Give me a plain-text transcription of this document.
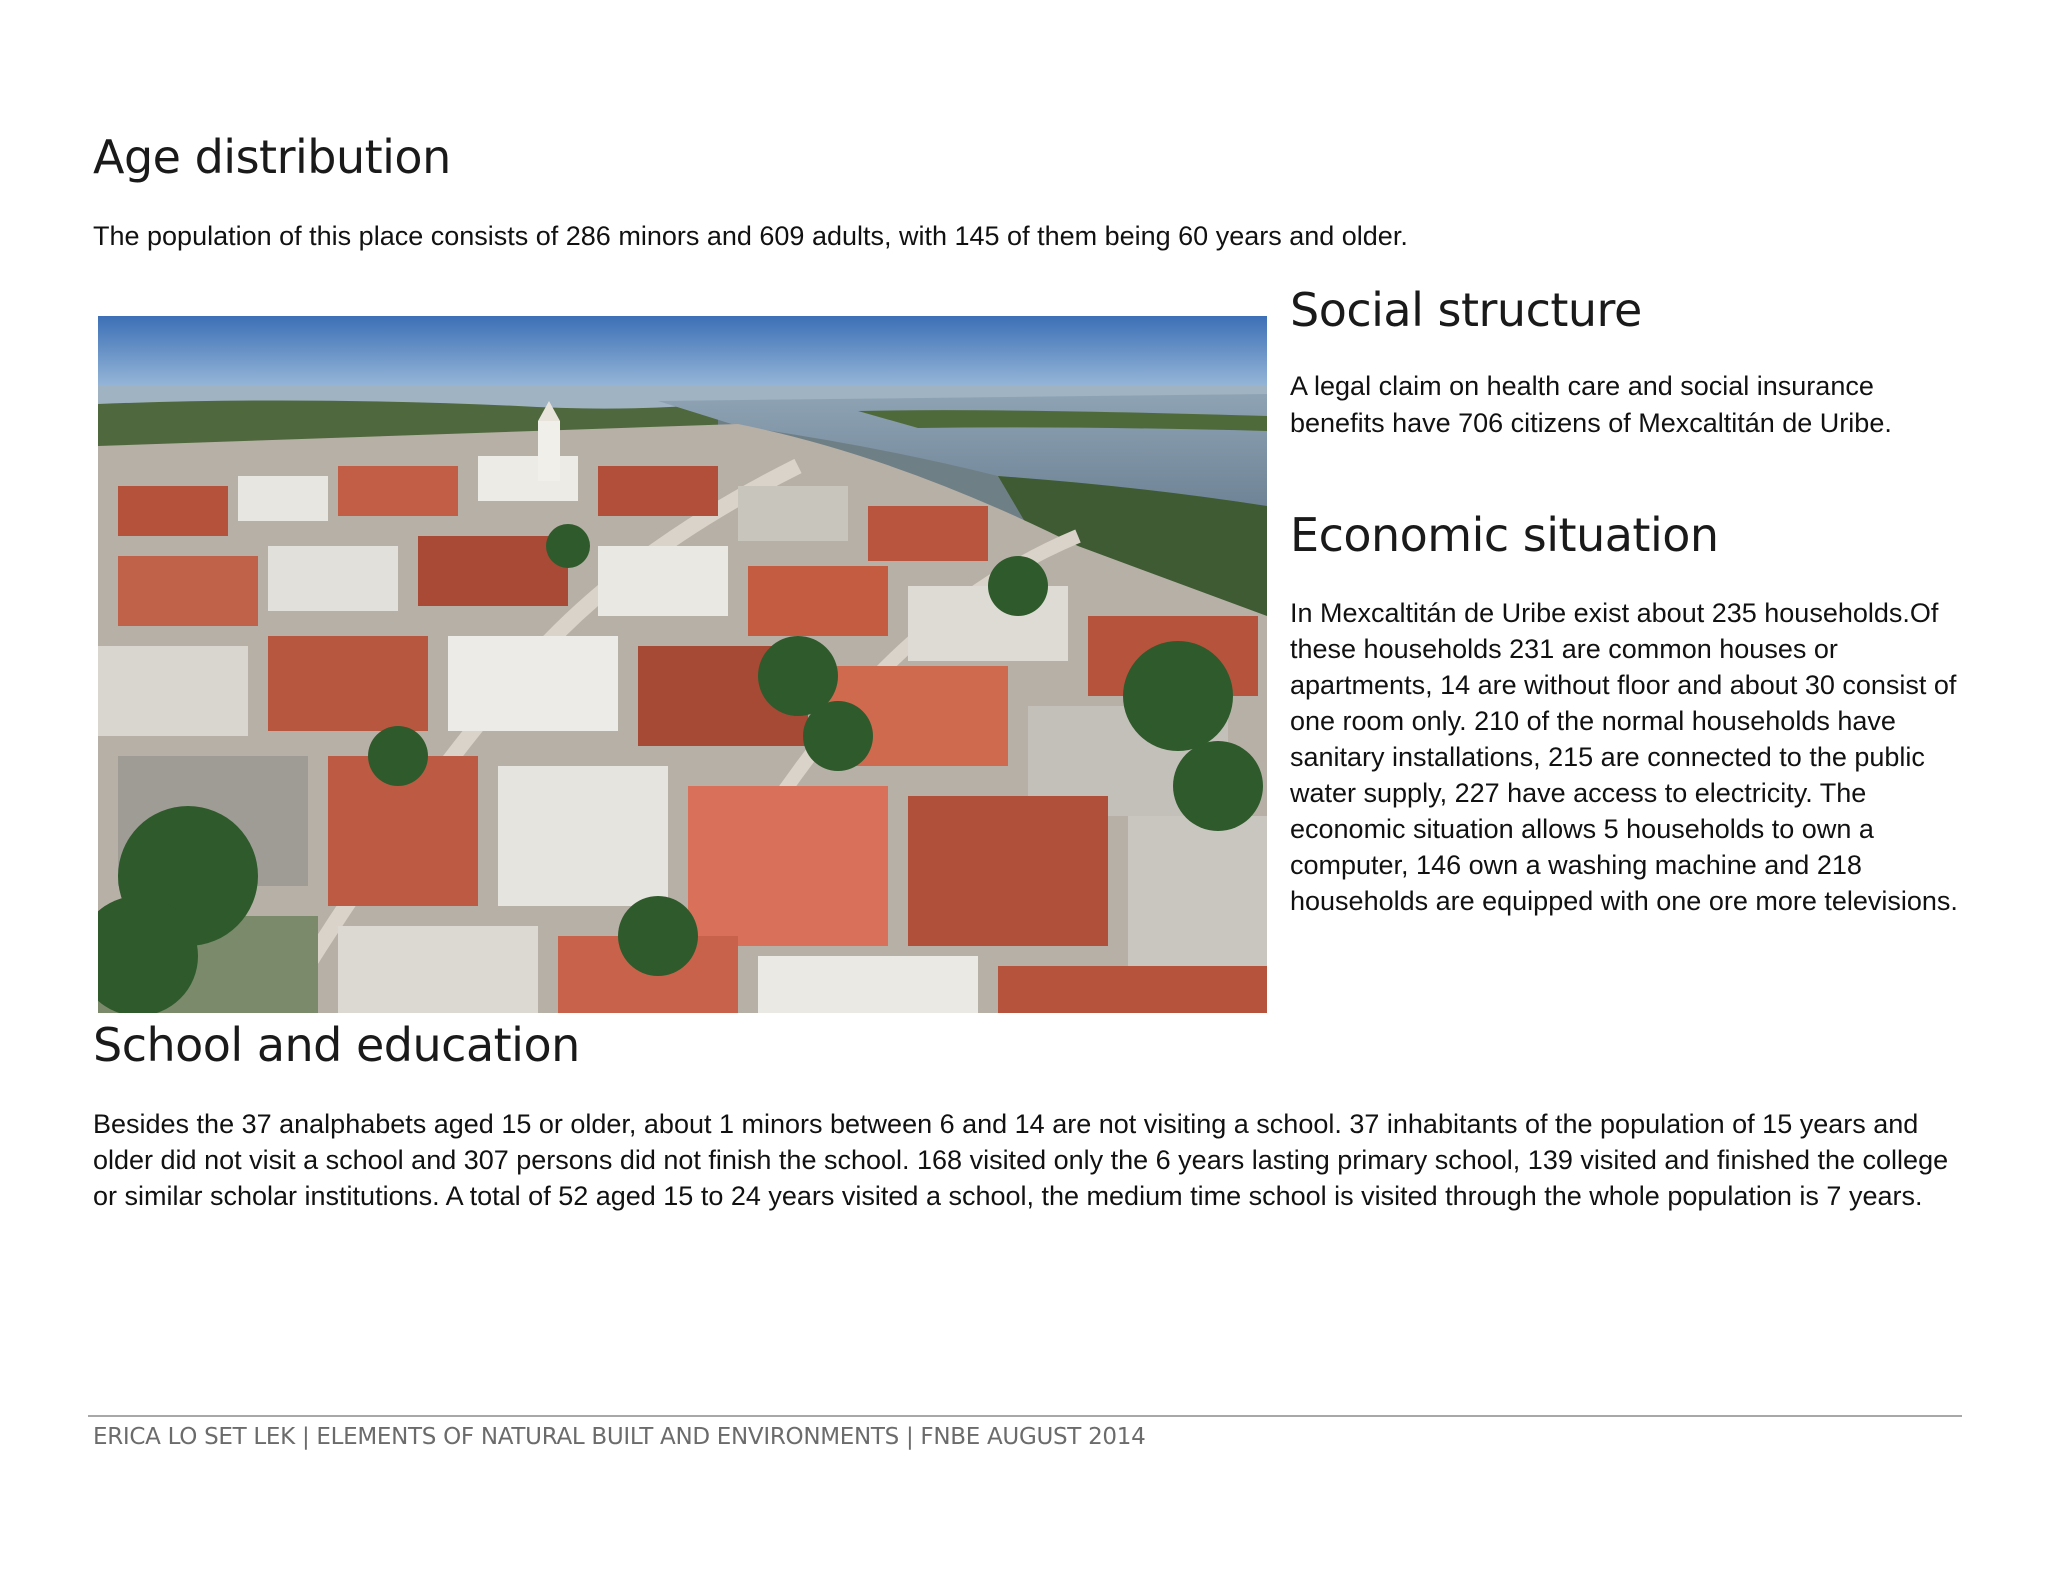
Age distribution

The population of this place consists of 286 minors and 609 adults, with 145 of them being 60 years and older.

Social structure

A legal claim on health care and social insurance benefits have 706 citizens of Mexcaltitán de Uribe.

Economic situation

In Mexcaltitán de Uribe exist about 235 households.Of these households 231 are common houses or apartments, 14 are without floor and about 30 consist of one room only. 210 of the normal households have sanitary installations, 215 are connected to the public water supply, 227 have access to electricity. The economic situation allows 5 households to own a computer, 146 own a washing machine and 218 households are equipped with one ore more televisions.

School and education

Besides the 37 analphabets aged 15 or older, about 1 minors between 6 and 14 are not visiting a school. 37 inhabitants of the population of 15 years and older did not visit a school and 307 persons did not finish the school. 168 visited only the 6 years lasting primary school, 139 visited and finished the college or similar scholar institutions. A total of 52 aged 15 to 24 years visited a school, the medium time school is visited through the whole population is 7 years.

ERICA LO SET LEK | ELEMENTS OF NATURAL BUILT AND ENVIRONMENTS | FNBE AUGUST 2014
